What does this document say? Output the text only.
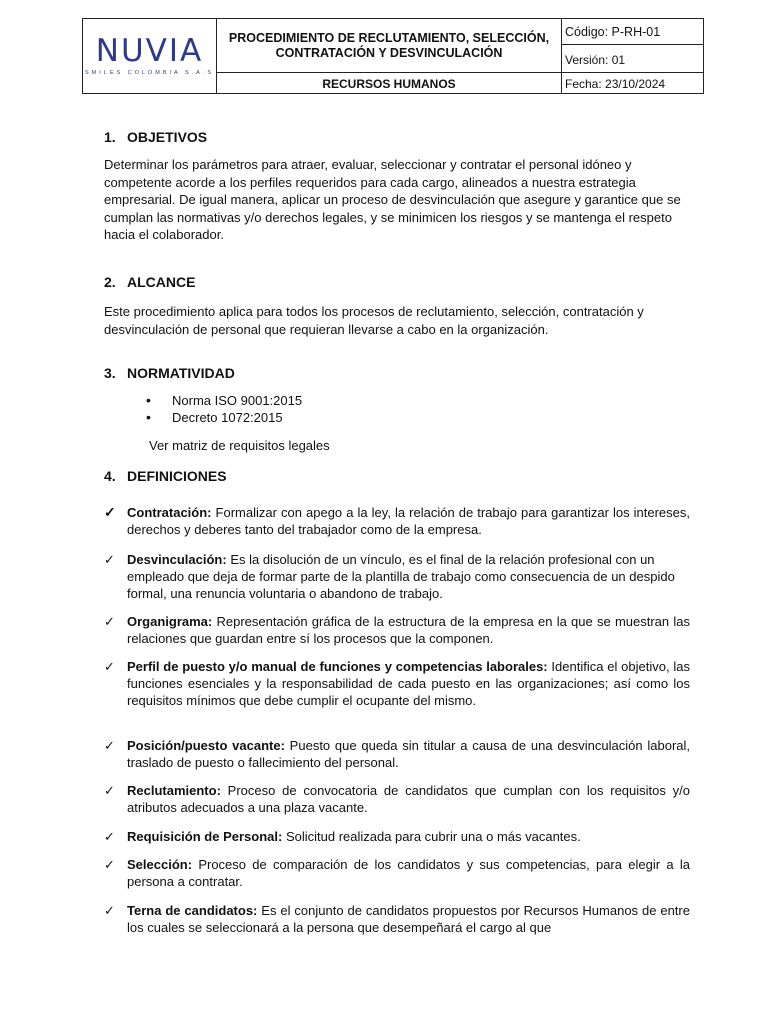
NUVIA
SMILES COLOMBIA S.A.S
PROCEDIMIENTO DE RECLUTAMIENTO, SELECCIÓN, CONTRATACIÓN Y DESVINCULACIÓN
RECURSOS HUMANOS
Código: P-RH-01
Versión: 01
Fecha: 23/10/2024
1. OBJETIVOS
Determinar los parámetros para atraer, evaluar, seleccionar y contratar el personal idóneo y competente acorde a los perfiles requeridos para cada cargo, alineados a nuestra estrategia empresarial. De igual manera, aplicar un proceso de desvinculación que asegure y garantice que se cumplan las normativas y/o derechos legales, y se minimicen los riesgos y se mantenga el respeto hacia el colaborador.
2. ALCANCE
Este procedimiento aplica para todos los procesos de reclutamiento, selección, contratación y desvinculación de personal que requieran llevarse a cabo en la organización.
3. NORMATIVIDAD
•	Norma ISO 9001:2015
•	Decreto 1072:2015
Ver matriz de requisitos legales
4. DEFINICIONES
✓ Contratación: Formalizar con apego a la ley, la relación de trabajo para garantizar los intereses, derechos y deberes tanto del trabajador como de la empresa.
✓ Desvinculación: Es la disolución de un vínculo, es el final de la relación profesional con un empleado que deja de formar parte de la plantilla de trabajo como consecuencia de un despido formal, una renuncia voluntaria o abandono de trabajo.
✓ Organigrama: Representación gráfica de la estructura de la empresa en la que se muestran las relaciones que guardan entre sí los procesos que la componen.
✓ Perfil de puesto y/o manual de funciones y competencias laborales: Identifica el objetivo, las funciones esenciales y la responsabilidad de cada puesto en las organizaciones; así como los requisitos mínimos que debe cumplir el ocupante del mismo.
✓ Posición/puesto vacante: Puesto que queda sin titular a causa de una desvinculación laboral, traslado de puesto o fallecimiento del personal.
✓ Reclutamiento: Proceso de convocatoria de candidatos que cumplan con los requisitos y/o atributos adecuados a una plaza vacante.
✓ Requisición de Personal: Solicitud realizada para cubrir una o más vacantes.
✓ Selección: Proceso de comparación de los candidatos y sus competencias, para elegir a la persona a contratar.
✓ Terna de candidatos: Es el conjunto de candidatos propuestos por Recursos Humanos de entre los cuales se seleccionará a la persona que desempeñará el cargo al que
